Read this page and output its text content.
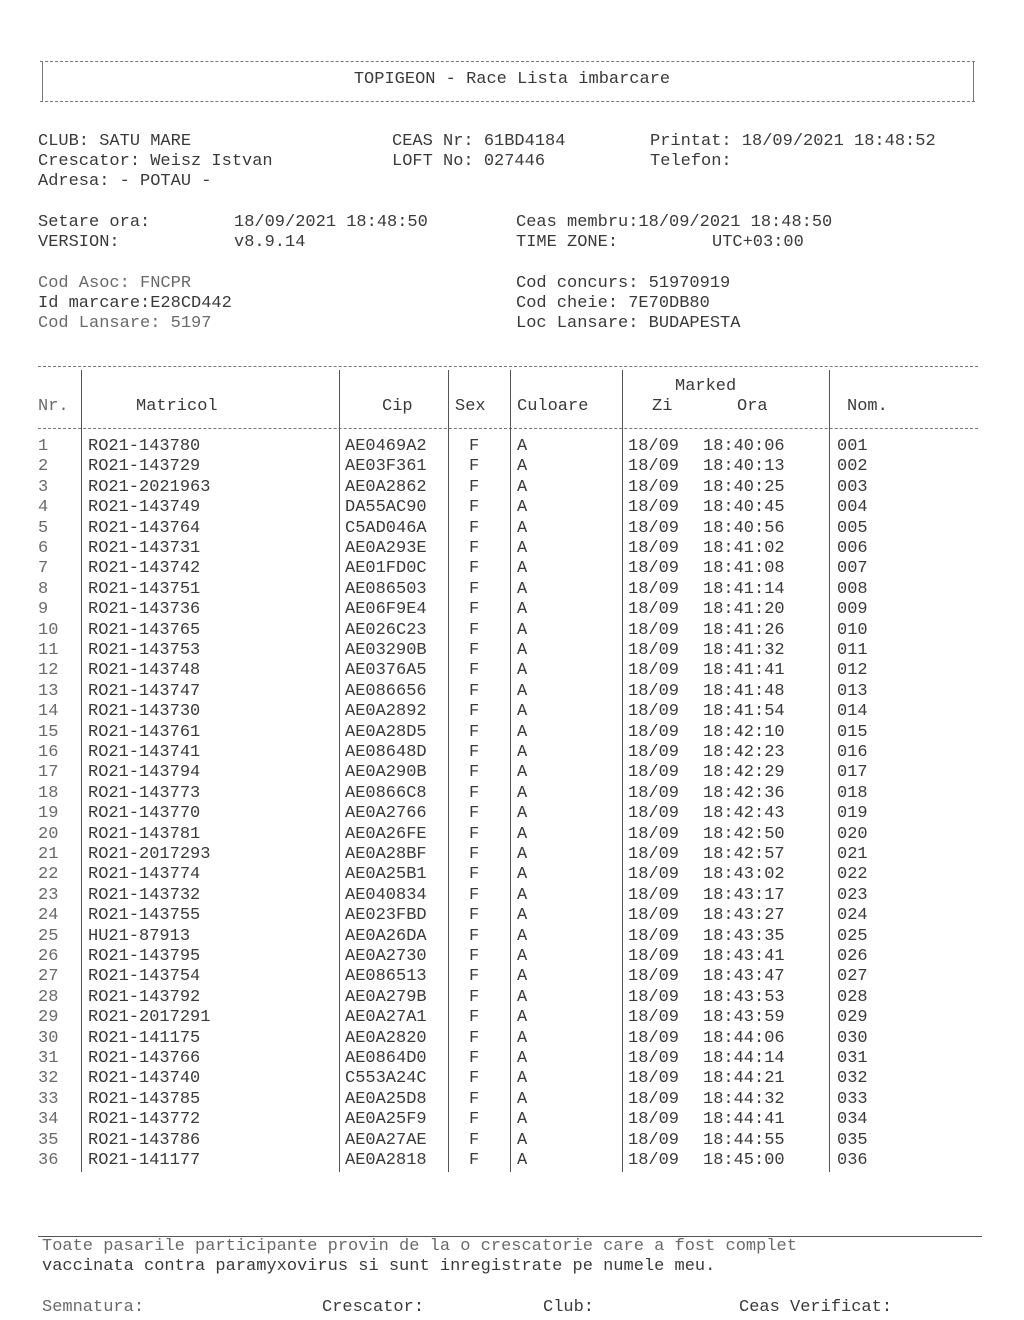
TOPIGEON - Race Lista imbarcare
CLUB: SATU MARE
Crescator: Weisz Istvan
Adresa: - POTAU -
CEAS Nr: 61BD4184
LOFT No: 027446
Printat: 18/09/2021 18:48:52
Telefon:
Setare ora:	18/09/2021 18:48:50
VERSION:	v8.9.14
Ceas membru:18/09/2021 18:48:50
TIME ZONE:	UTC+03:00
Cod Asoc: FNCPR
Id marcare:E28CD442
Cod Lansare: 5197
Cod concurs: 51970919
Cod cheie: 7E70DB80
Loc Lansare: BUDAPESTA
Nr.	Matricol	Cip Sex Culoare
Marked
Zi	Ora	Nom.
1 RO21-143780	AE0469A2 F A	18/09 18:40:06	001
2 RO21-143729	AE03F361 F A	18/09 18:40:13	002
3 RO21-2021963	AE0A2862 F A	18/09 18:40:25	003
4 RO21-143749	DA55AC90 F A	18/09 18:40:45	004
5 RO21-143764	C5AD046A F A	18/09 18:40:56	005
6 RO21-143731	AE0A293E F A	18/09 18:41:02	006
7 RO21-143742	AE01FD0C F A	18/09 18:41:08	007
8 RO21-143751	AE086503 F A	18/09 18:41:14	008
9 RO21-143736	AE06F9E4 F A	18/09 18:41:20	009
10 RO21-143765	AE026C23 F A	18/09 18:41:26	010
11 RO21-143753	AE03290B F A	18/09 18:41:32	011
12 RO21-143748	AE0376A5 F A	18/09 18:41:41	012
13 RO21-143747	AE086656 F A	18/09 18:41:48	013
14 RO21-143730	AE0A2892 F A	18/09 18:41:54	014
15 RO21-143761	AE0A28D5 F A	18/09 18:42:10	015
16 RO21-143741	AE08648D F A	18/09 18:42:23	016
17 RO21-143794	AE0A290B F A	18/09 18:42:29	017
18 RO21-143773	AE0866C8 F A	18/09 18:42:36	018
19 RO21-143770	AE0A2766 F A	18/09 18:42:43	019
20 RO21-143781	AE0A26FE F A	18/09 18:42:50	020
21 RO21-2017293	AE0A28BF F A	18/09 18:42:57	021
22 RO21-143774	AE0A25B1 F A	18/09 18:43:02	022
23 RO21-143732	AE040834 F A	18/09 18:43:17	023
24 RO21-143755	AE023FBD F A	18/09 18:43:27	024
25 HU21-87913	AE0A26DA F A	18/09 18:43:35	025
26 RO21-143795	AE0A2730 F A	18/09 18:43:41	026
27 RO21-143754	AE086513 F A	18/09 18:43:47	027
28 RO21-143792	AE0A279B F A	18/09 18:43:53	028
29 RO21-2017291	AE0A27A1 F A	18/09 18:43:59	029
30 RO21-141175	AE0A2820 F A	18/09 18:44:06	030
31 RO21-143766	AE0864D0 F A	18/09 18:44:14	031
32 RO21-143740	C553A24C F A	18/09 18:44:21	032
33 RO21-143785	AE0A25D8 F A	18/09 18:44:32	033
34 RO21-143772	AE0A25F9 F A	18/09 18:44:41	034
35 RO21-143786	AE0A27AE F A	18/09 18:44:55	035
36 RO21-141177	AE0A2818 F A	18/09 18:45:00	036
Toate pasarile participante provin de la o crescatorie care a fost complet
vaccinata contra paramyxovirus si sunt inregistrate pe numele meu.
Semnatura:	Crescator:	Club:	Ceas Verificat:
